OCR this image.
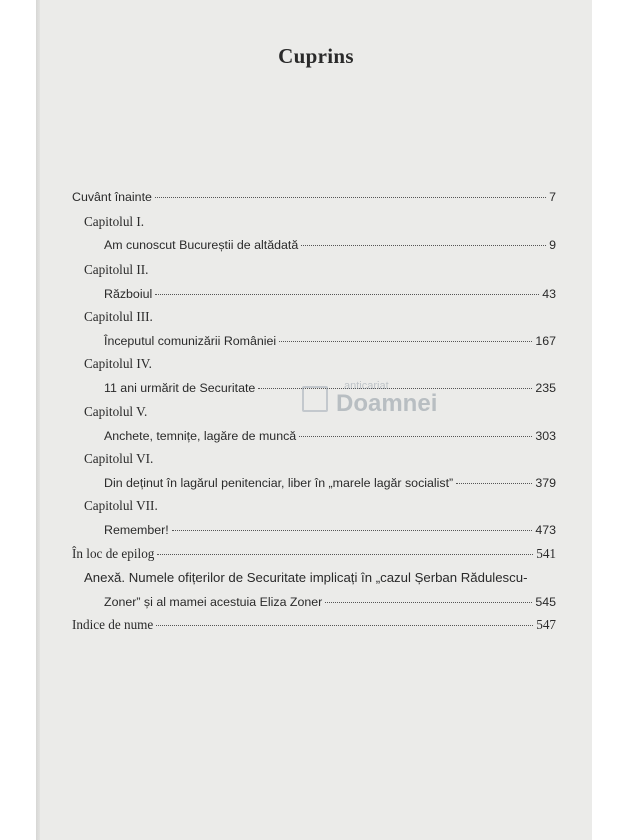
Cuprins
Cuvânt înainte	7
Capitolul I.
Am cunoscut Bucureștii de altădată	9
Capitolul II.
Războiul	43
Capitolul III.
Începutul comunizării României	167
Capitolul IV.
11 ani urmărit de Securitate	235
Capitolul V.
Anchete, temnițe, lagăre de muncă	303
Capitolul VI.
Din deținut în lagărul penitenciar, liber în „marele lagăr socialist”	379
Capitolul VII.
Remember!	473
În loc de epilog	541
Anexă. Numele ofițerilor de Securitate implicați în „cazul Șerban Rădulescu-
Zoner” și al mamei acestuia Eliza Zoner	545
Indice de nume	547
anticariat
Doamnei
